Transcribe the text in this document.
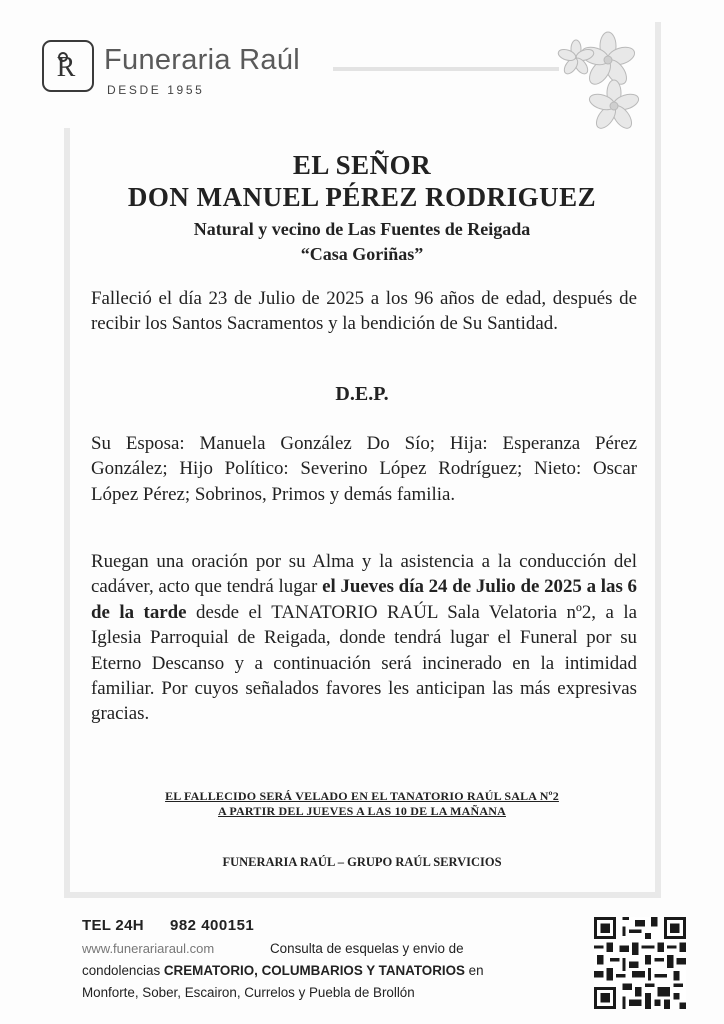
R Funeraria Raúl
DESDE 1955
EL SEÑOR
DON MANUEL PÉREZ RODRIGUEZ
Natural y vecino de Las Fuentes de Reigada
“Casa Goriñas”
Falleció el día 23 de Julio de 2025 a los 96 años de edad, después de recibir los Santos Sacramentos y la bendición de Su Santidad.
D.E.P.
Su Esposa: Manuela González Do Sío; Hija: Esperanza Pérez González; Hijo Político: Severino López Rodríguez; Nieto: Oscar López Pérez; Sobrinos, Primos y demás familia.
Ruegan una oración por su Alma y la asistencia a la conducción del cadáver, acto que tendrá lugar el Jueves día 24 de Julio de 2025 a las 6 de la tarde desde el TANATORIO RAÚL Sala Velatoria nº2, a la Iglesia Parroquial de Reigada, donde tendrá lugar el Funeral por su Eterno Descanso y a continuación será incinerado en la intimidad familiar. Por cuyos señalados favores les anticipan las más expresivas gracias.
EL FALLECIDO SERÁ VELADO EN EL TANATORIO RAÚL SALA Nº2
A PARTIR DEL JUEVES A LAS 10 DE LA MAÑANA
FUNERARIA RAÚL – GRUPO RAÚL SERVICIOS
TEL 24H 982 400151
www.funerariaraul.com	Consulta de esquelas y envio de
condolencias CREMATORIO, COLUMBARIOS Y TANATORIOS en
Monforte, Sober, Escairon, Currelos y Puebla de Brollón
